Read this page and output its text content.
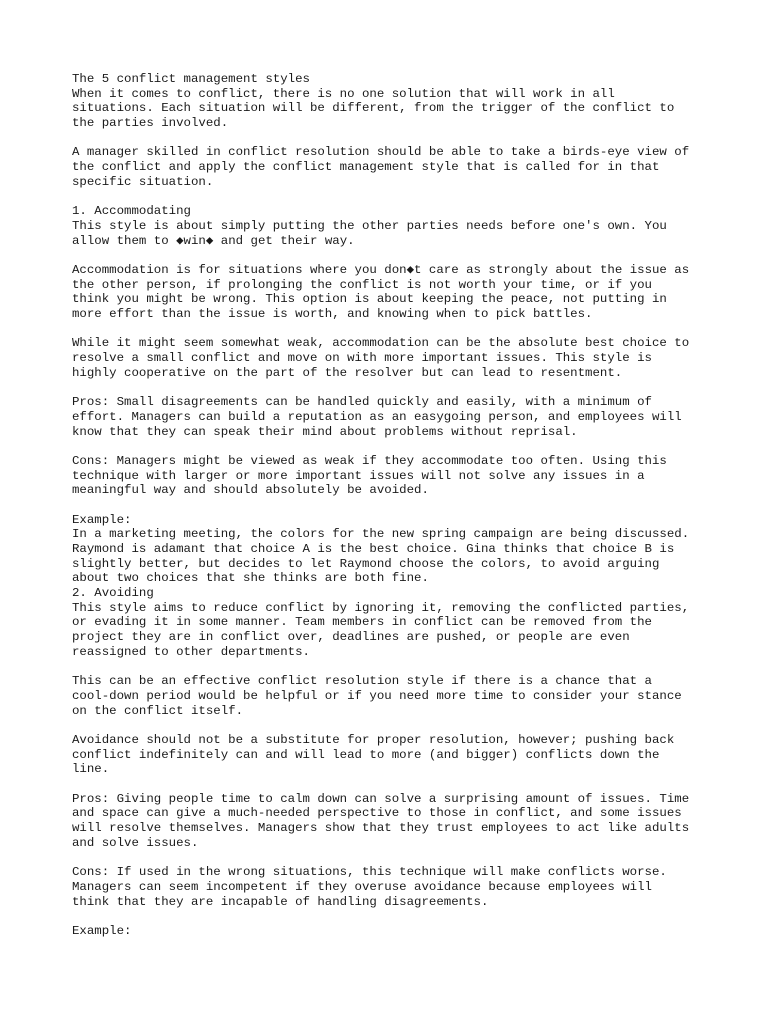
The 5 conflict management styles
When it comes to conflict, there is no one solution that will work in all
situations. Each situation will be different, from the trigger of the conflict to
the parties involved.
A manager skilled in conflict resolution should be able to take a birds-eye view of
the conflict and apply the conflict management style that is called for in that
specific situation.
1. Accommodating
This style is about simply putting the other parties needs before one's own. You
allow them to ◆win◆ and get their way.
Accommodation is for situations where you don◆t care as strongly about the issue as
the other person, if prolonging the conflict is not worth your time, or if you
think you might be wrong. This option is about keeping the peace, not putting in
more effort than the issue is worth, and knowing when to pick battles.
While it might seem somewhat weak, accommodation can be the absolute best choice to
resolve a small conflict and move on with more important issues. This style is
highly cooperative on the part of the resolver but can lead to resentment.
Pros: Small disagreements can be handled quickly and easily, with a minimum of
effort. Managers can build a reputation as an easygoing person, and employees will
know that they can speak their mind about problems without reprisal.
Cons: Managers might be viewed as weak if they accommodate too often. Using this
technique with larger or more important issues will not solve any issues in a
meaningful way and should absolutely be avoided.
Example:
In a marketing meeting, the colors for the new spring campaign are being discussed.
Raymond is adamant that choice A is the best choice. Gina thinks that choice B is
slightly better, but decides to let Raymond choose the colors, to avoid arguing
about two choices that she thinks are both fine.
2. Avoiding
This style aims to reduce conflict by ignoring it, removing the conflicted parties,
or evading it in some manner. Team members in conflict can be removed from the
project they are in conflict over, deadlines are pushed, or people are even
reassigned to other departments.
This can be an effective conflict resolution style if there is a chance that a
cool-down period would be helpful or if you need more time to consider your stance
on the conflict itself.
Avoidance should not be a substitute for proper resolution, however; pushing back
conflict indefinitely can and will lead to more (and bigger) conflicts down the
line.
Pros: Giving people time to calm down can solve a surprising amount of issues. Time
and space can give a much-needed perspective to those in conflict, and some issues
will resolve themselves. Managers show that they trust employees to act like adults
and solve issues.
Cons: If used in the wrong situations, this technique will make conflicts worse.
Managers can seem incompetent if they overuse avoidance because employees will
think that they are incapable of handling disagreements.
Example:
